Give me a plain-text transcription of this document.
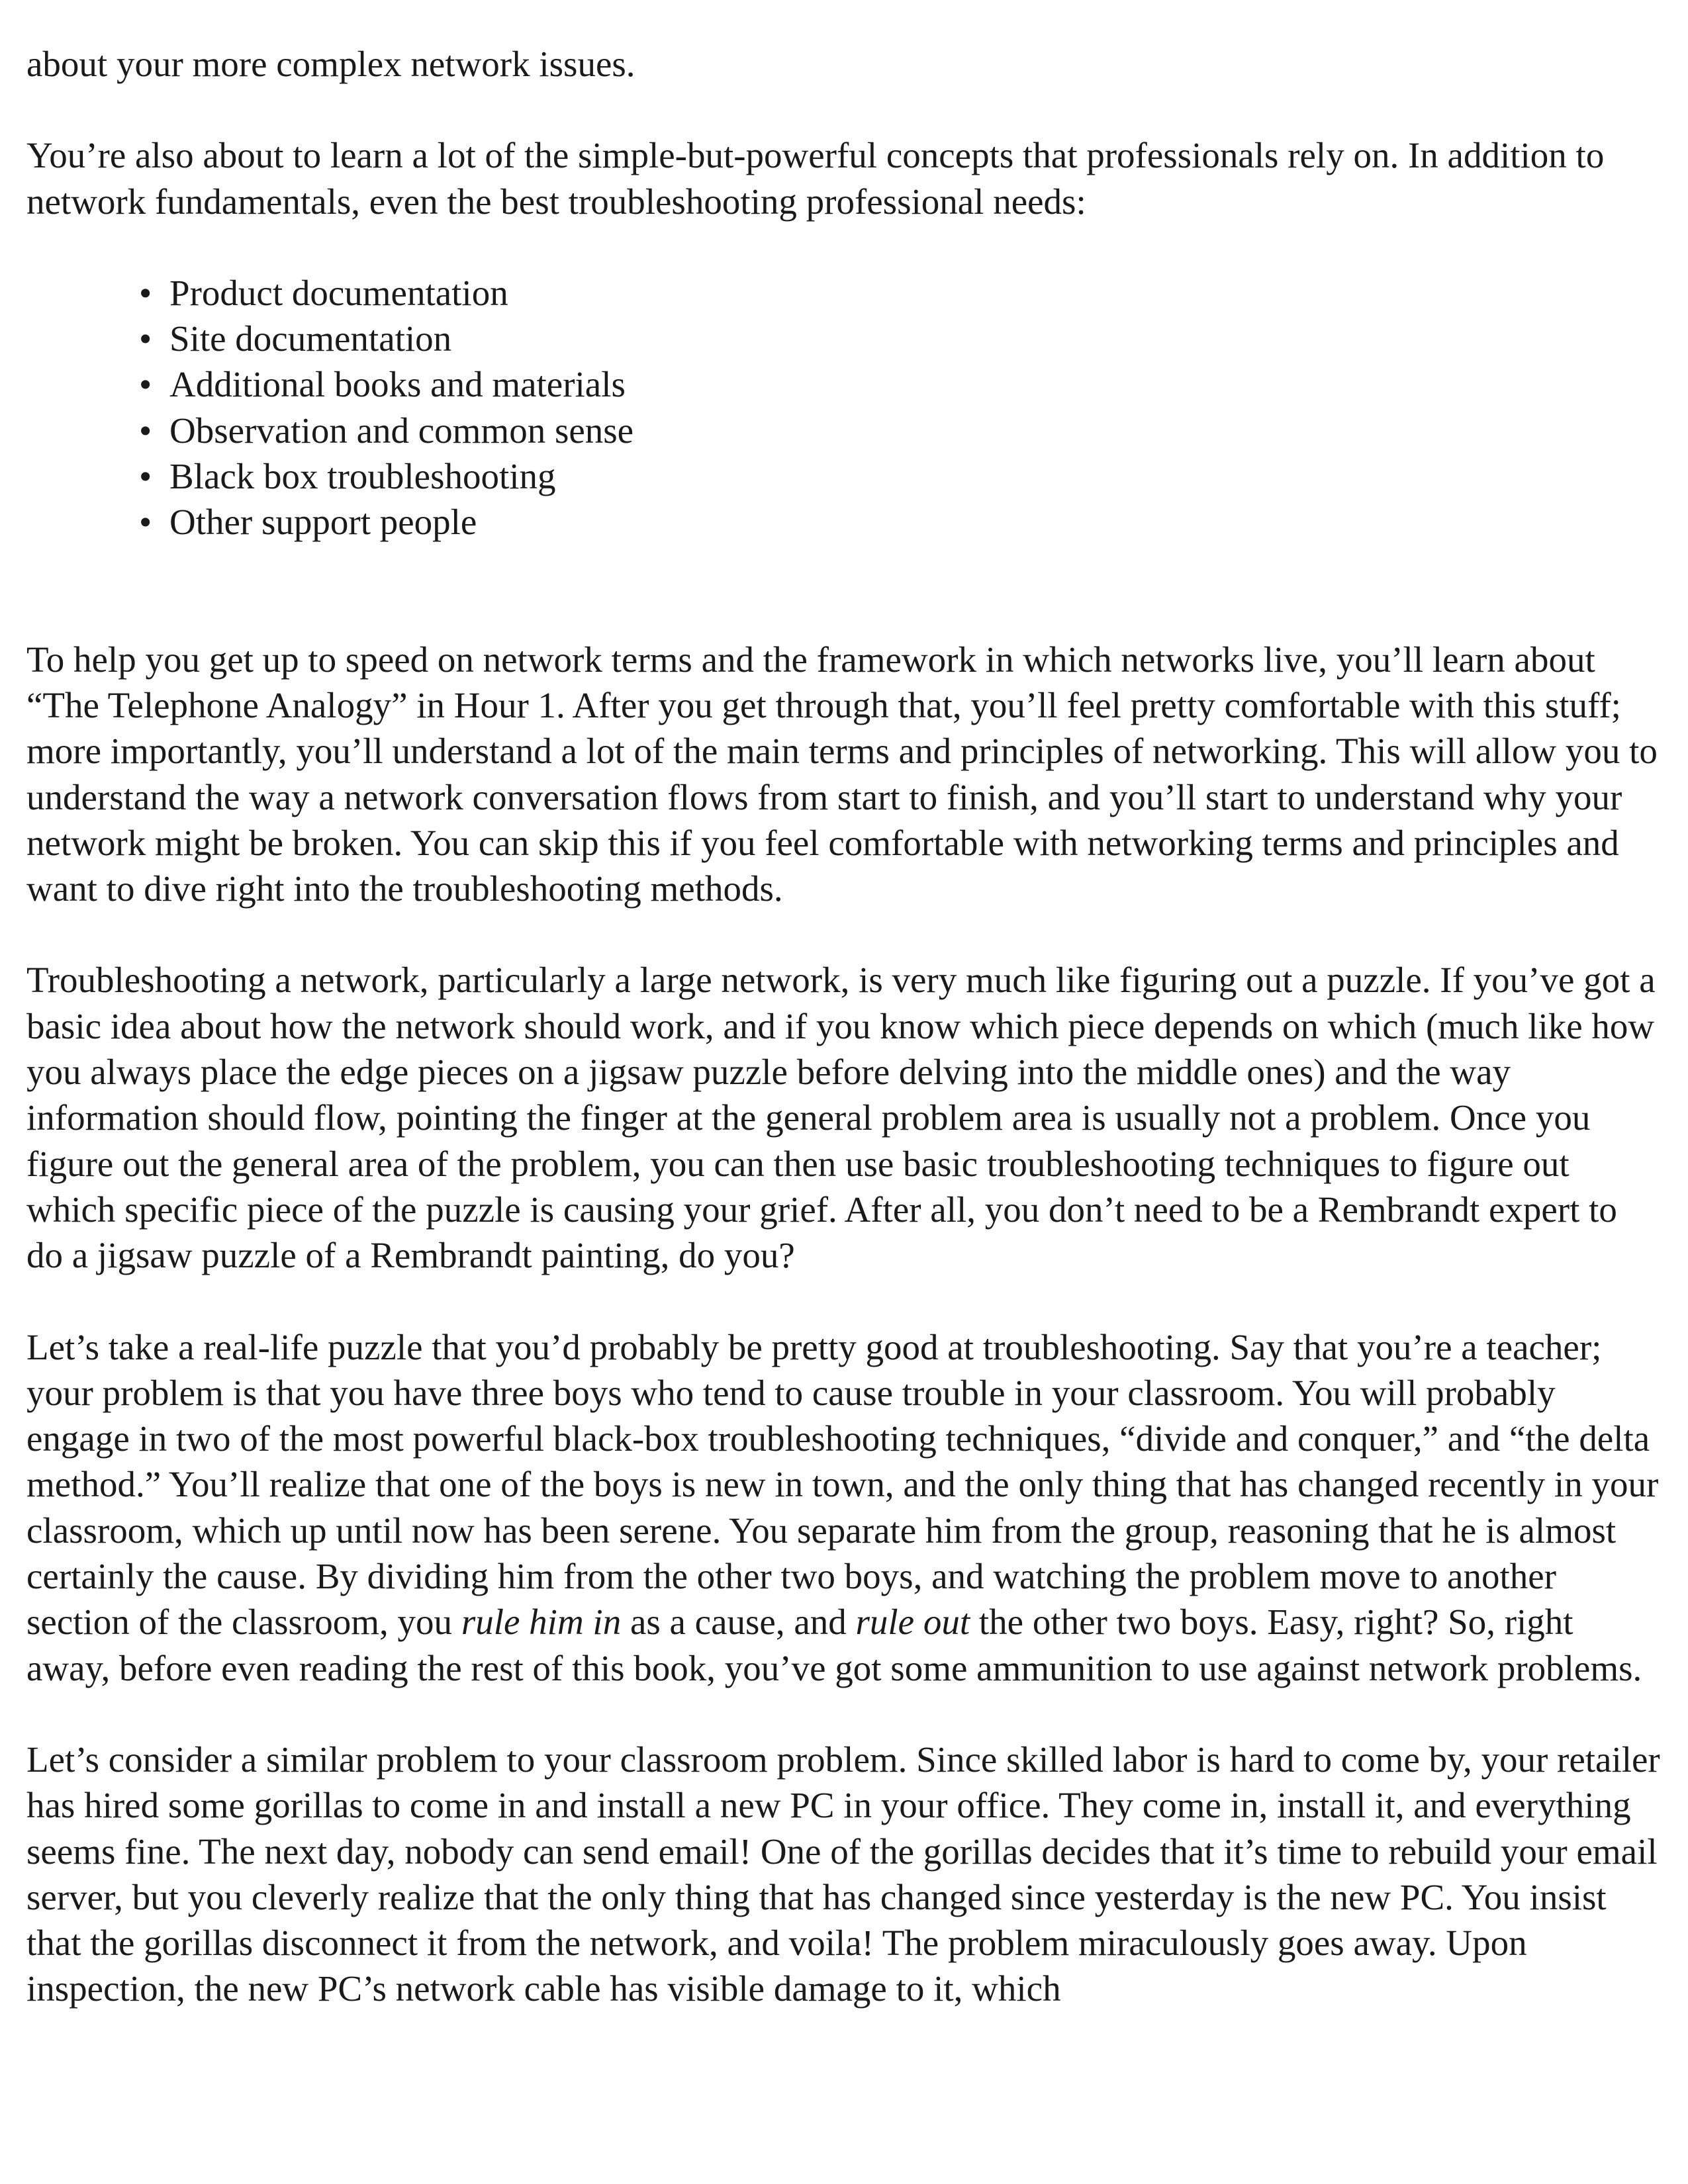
about your more complex network issues.

You’re also about to learn a lot of the simple-but-powerful concepts that professionals rely on. In addition to network fundamentals, even the best troubleshooting professional needs:

• Product documentation
• Site documentation
• Additional books and materials
• Observation and common sense
• Black box troubleshooting
• Other support people

To help you get up to speed on network terms and the framework in which networks live, you’ll learn about “The Telephone Analogy” in Hour 1. After you get through that, you’ll feel pretty comfortable with this stuff; more importantly, you’ll understand a lot of the main terms and principles of networking. This will allow you to understand the way a network conversation flows from start to finish, and you’ll start to understand why your network might be broken. You can skip this if you feel comfortable with networking terms and principles and want to dive right into the troubleshooting methods.

Troubleshooting a network, particularly a large network, is very much like figuring out a puzzle. If you’ve got a basic idea about how the network should work, and if you know which piece depends on which (much like how you always place the edge pieces on a jigsaw puzzle before delving into the middle ones) and the way information should flow, pointing the finger at the general problem area is usually not a problem. Once you figure out the general area of the problem, you can then use basic troubleshooting techniques to figure out which specific piece of the puzzle is causing your grief. After all, you don’t need to be a Rembrandt expert to do a jigsaw puzzle of a Rembrandt painting, do you?

Let’s take a real-life puzzle that you’d probably be pretty good at troubleshooting. Say that you’re a teacher; your problem is that you have three boys who tend to cause trouble in your classroom. You will probably engage in two of the most powerful black-box troubleshooting techniques, “divide and conquer,” and “the delta method.” You’ll realize that one of the boys is new in town, and the only thing that has changed recently in your classroom, which up until now has been serene. You separate him from the group, reasoning that he is almost certainly the cause. By dividing him from the other two boys, and watching the problem move to another section of the classroom, you rule him in as a cause, and rule out the other two boys. Easy, right? So, right away, before even reading the rest of this book, you’ve got some ammunition to use against network problems.

Let’s consider a similar problem to your classroom problem. Since skilled labor is hard to come by, your retailer has hired some gorillas to come in and install a new PC in your office. They come in, install it, and everything seems fine. The next day, nobody can send email! One of the gorillas decides that it’s time to rebuild your email server, but you cleverly realize that the only thing that has changed since yesterday is the new PC. You insist that the gorillas disconnect it from the network, and voila! The problem miraculously goes away. Upon inspection, the new PC’s network cable has visible damage to it, which
